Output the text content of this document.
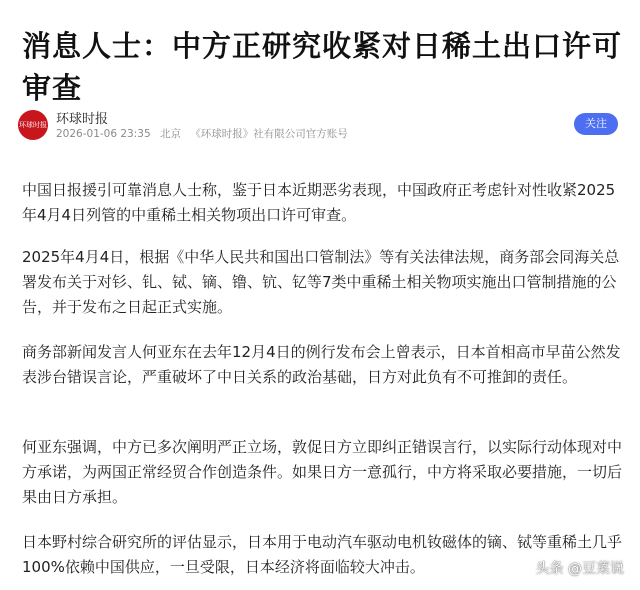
消息人士：中方正研究收紧对日稀土出口许可审查
环球时报 环球时报
2026-01-06 23:35 北京 《环球时报》社有限公司官方账号
关注

中国日报援引可靠消息人士称，鉴于日本近期恶劣表现，中国政府正考虑针对性收紧2025年4月4日列管的中重稀土相关物项出口许可审查。

2025年4月4日，根据《中华人民共和国出口管制法》等有关法律法规，商务部会同海关总署发布关于对钐、钆、铽、镝、镥、钪、钇等7类中重稀土相关物项实施出口管制措施的公告，并于发布之日起正式实施。

商务部新闻发言人何亚东在去年12月4日的例行发布会上曾表示，日本首相高市早苗公然发表涉台错误言论，严重破坏了中日关系的政治基础，日方对此负有不可推卸的责任。

何亚东强调，中方已多次阐明严正立场，敦促日方立即纠正错误言行，以实际行动体现对中方承诺，为两国正常经贸合作创造条件。如果日方一意孤行，中方将采取必要措施，一切后果由日方承担。

日本野村综合研究所的评估显示，日本用于电动汽车驱动电机钕磁体的镝、铽等重稀土几乎100%依赖中国供应，一旦受限，日本经济将面临较大冲击。	头条 @豆菜说
